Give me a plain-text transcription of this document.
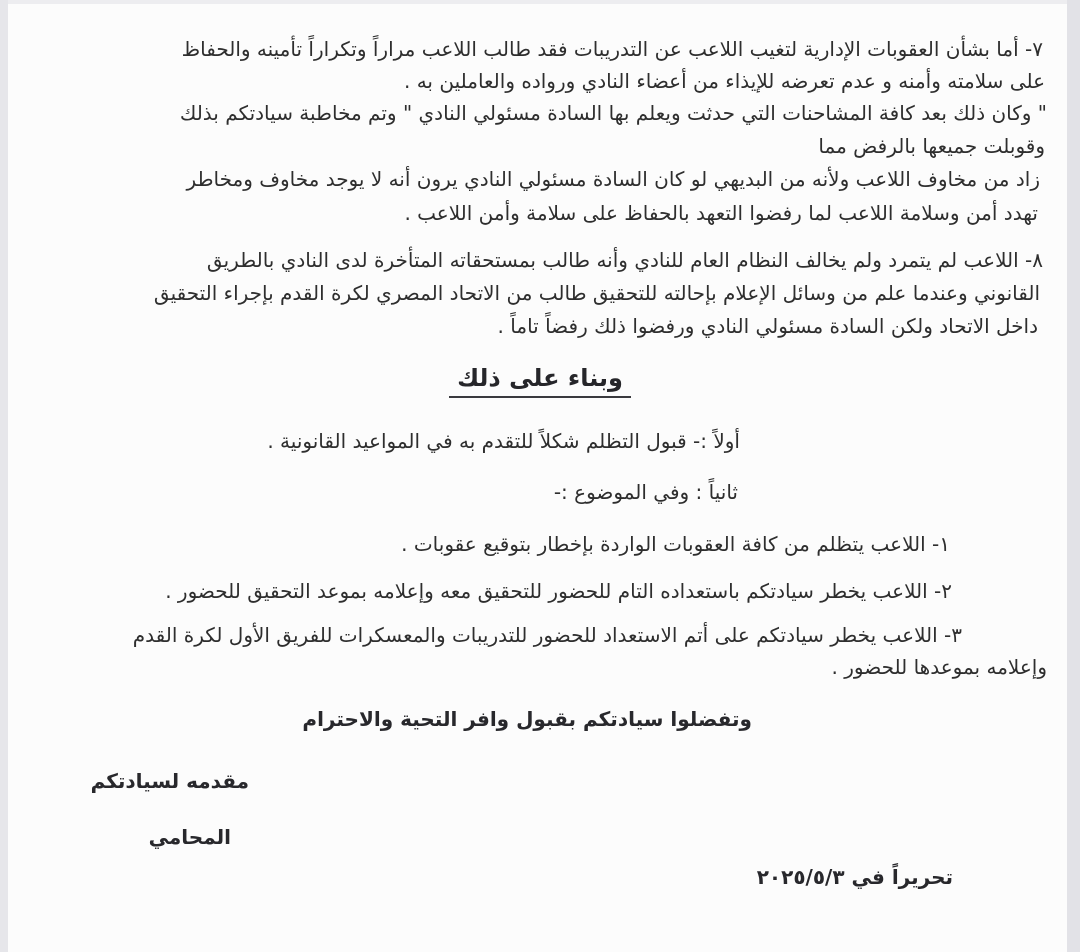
٧- أما بشأن العقوبات الإدارية لتغيب اللاعب عن التدريبات فقد طالب اللاعب مراراً وتكراراً تأمينه والحفاظ
على سلامته وأمنه و عدم تعرضه للإيذاء من أعضاء النادي ورواده والعاملين به .
" وكان ذلك بعد كافة المشاحنات التي حدثت ويعلم بها السادة مسئولي النادي " وتم مخاطبة سيادتكم بذلك
وقوبلت جميعها بالرفض مما
زاد من مخاوف اللاعب ولأنه من البديهي لو كان السادة مسئولي النادي يرون أنه لا يوجد مخاوف ومخاطر
تهدد أمن وسلامة اللاعب لما رفضوا التعهد بالحفاظ على سلامة وأمن اللاعب .
٨- اللاعب لم يتمرد ولم يخالف النظام العام للنادي وأنه طالب بمستحقاته المتأخرة لدى النادي بالطريق
القانوني وعندما علم من وسائل الإعلام بإحالته للتحقيق طالب من الاتحاد المصري لكرة القدم بإجراء التحقيق
داخل الاتحاد ولكن السادة مسئولي النادي ورفضوا ذلك رفضاً تاماً .
وبناء على ذلك
أولاً :- قبول التظلم شكلاً للتقدم به في المواعيد القانونية .
ثانياً : وفي الموضوع :-
١- اللاعب يتظلم من كافة العقوبات الواردة بإخطار بتوقيع عقوبات .
٢- اللاعب يخطر سيادتكم باستعداده التام للحضور للتحقيق معه وإعلامه بموعد التحقيق للحضور .
٣- اللاعب يخطر سيادتكم على أتم الاستعداد للحضور للتدريبات والمعسكرات للفريق الأول لكرة القدم
وإعلامه بموعدها للحضور .
وتفضلوا سيادتكم بقبول وافر التحية والاحترام
مقدمه لسيادتكم
المحامي
تحريراً في ٢٠٢٥/٥/٣
